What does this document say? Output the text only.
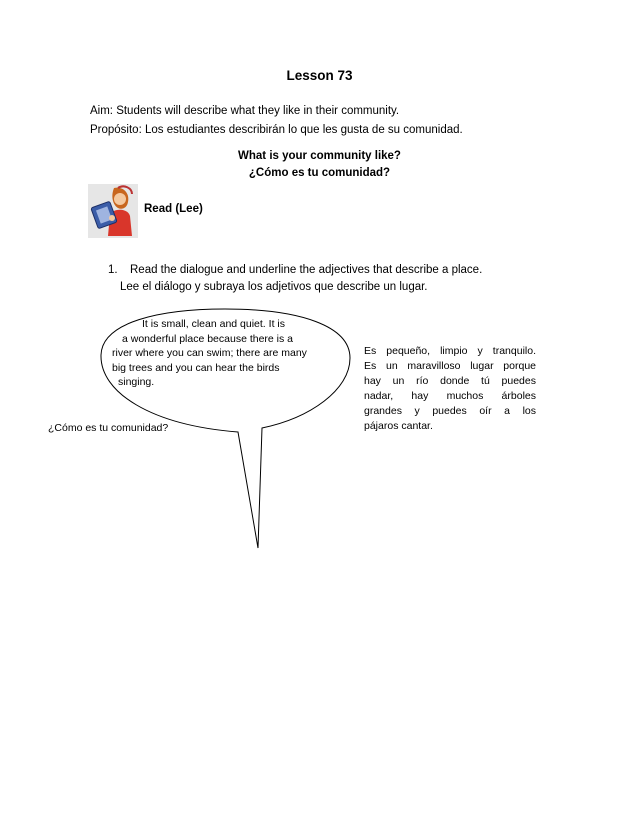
Lesson 73
Aim: Students will describe what they like in their community.
Propósito: Los estudiantes describirán lo que les gusta de su comunidad.
What is your community like?
¿Cómo es tu comunidad?
Read (Lee)
1. Read the dialogue and underline the adjectives that describe a place.
Lee el diálogo y subraya los adjetivos que describe un lugar.
It is small, clean and quiet. It is
a wonderful place because there is a
river where you can swim; there are many
big trees and you can hear the birds
singing.
Es pequeño, limpio y tranquilo.
Es un maravilloso lugar porque
hay un río donde tú puedes
nadar, hay muchos árboles
grandes y puedes oír a los
pájaros cantar.
¿Cómo es tu comunidad?
